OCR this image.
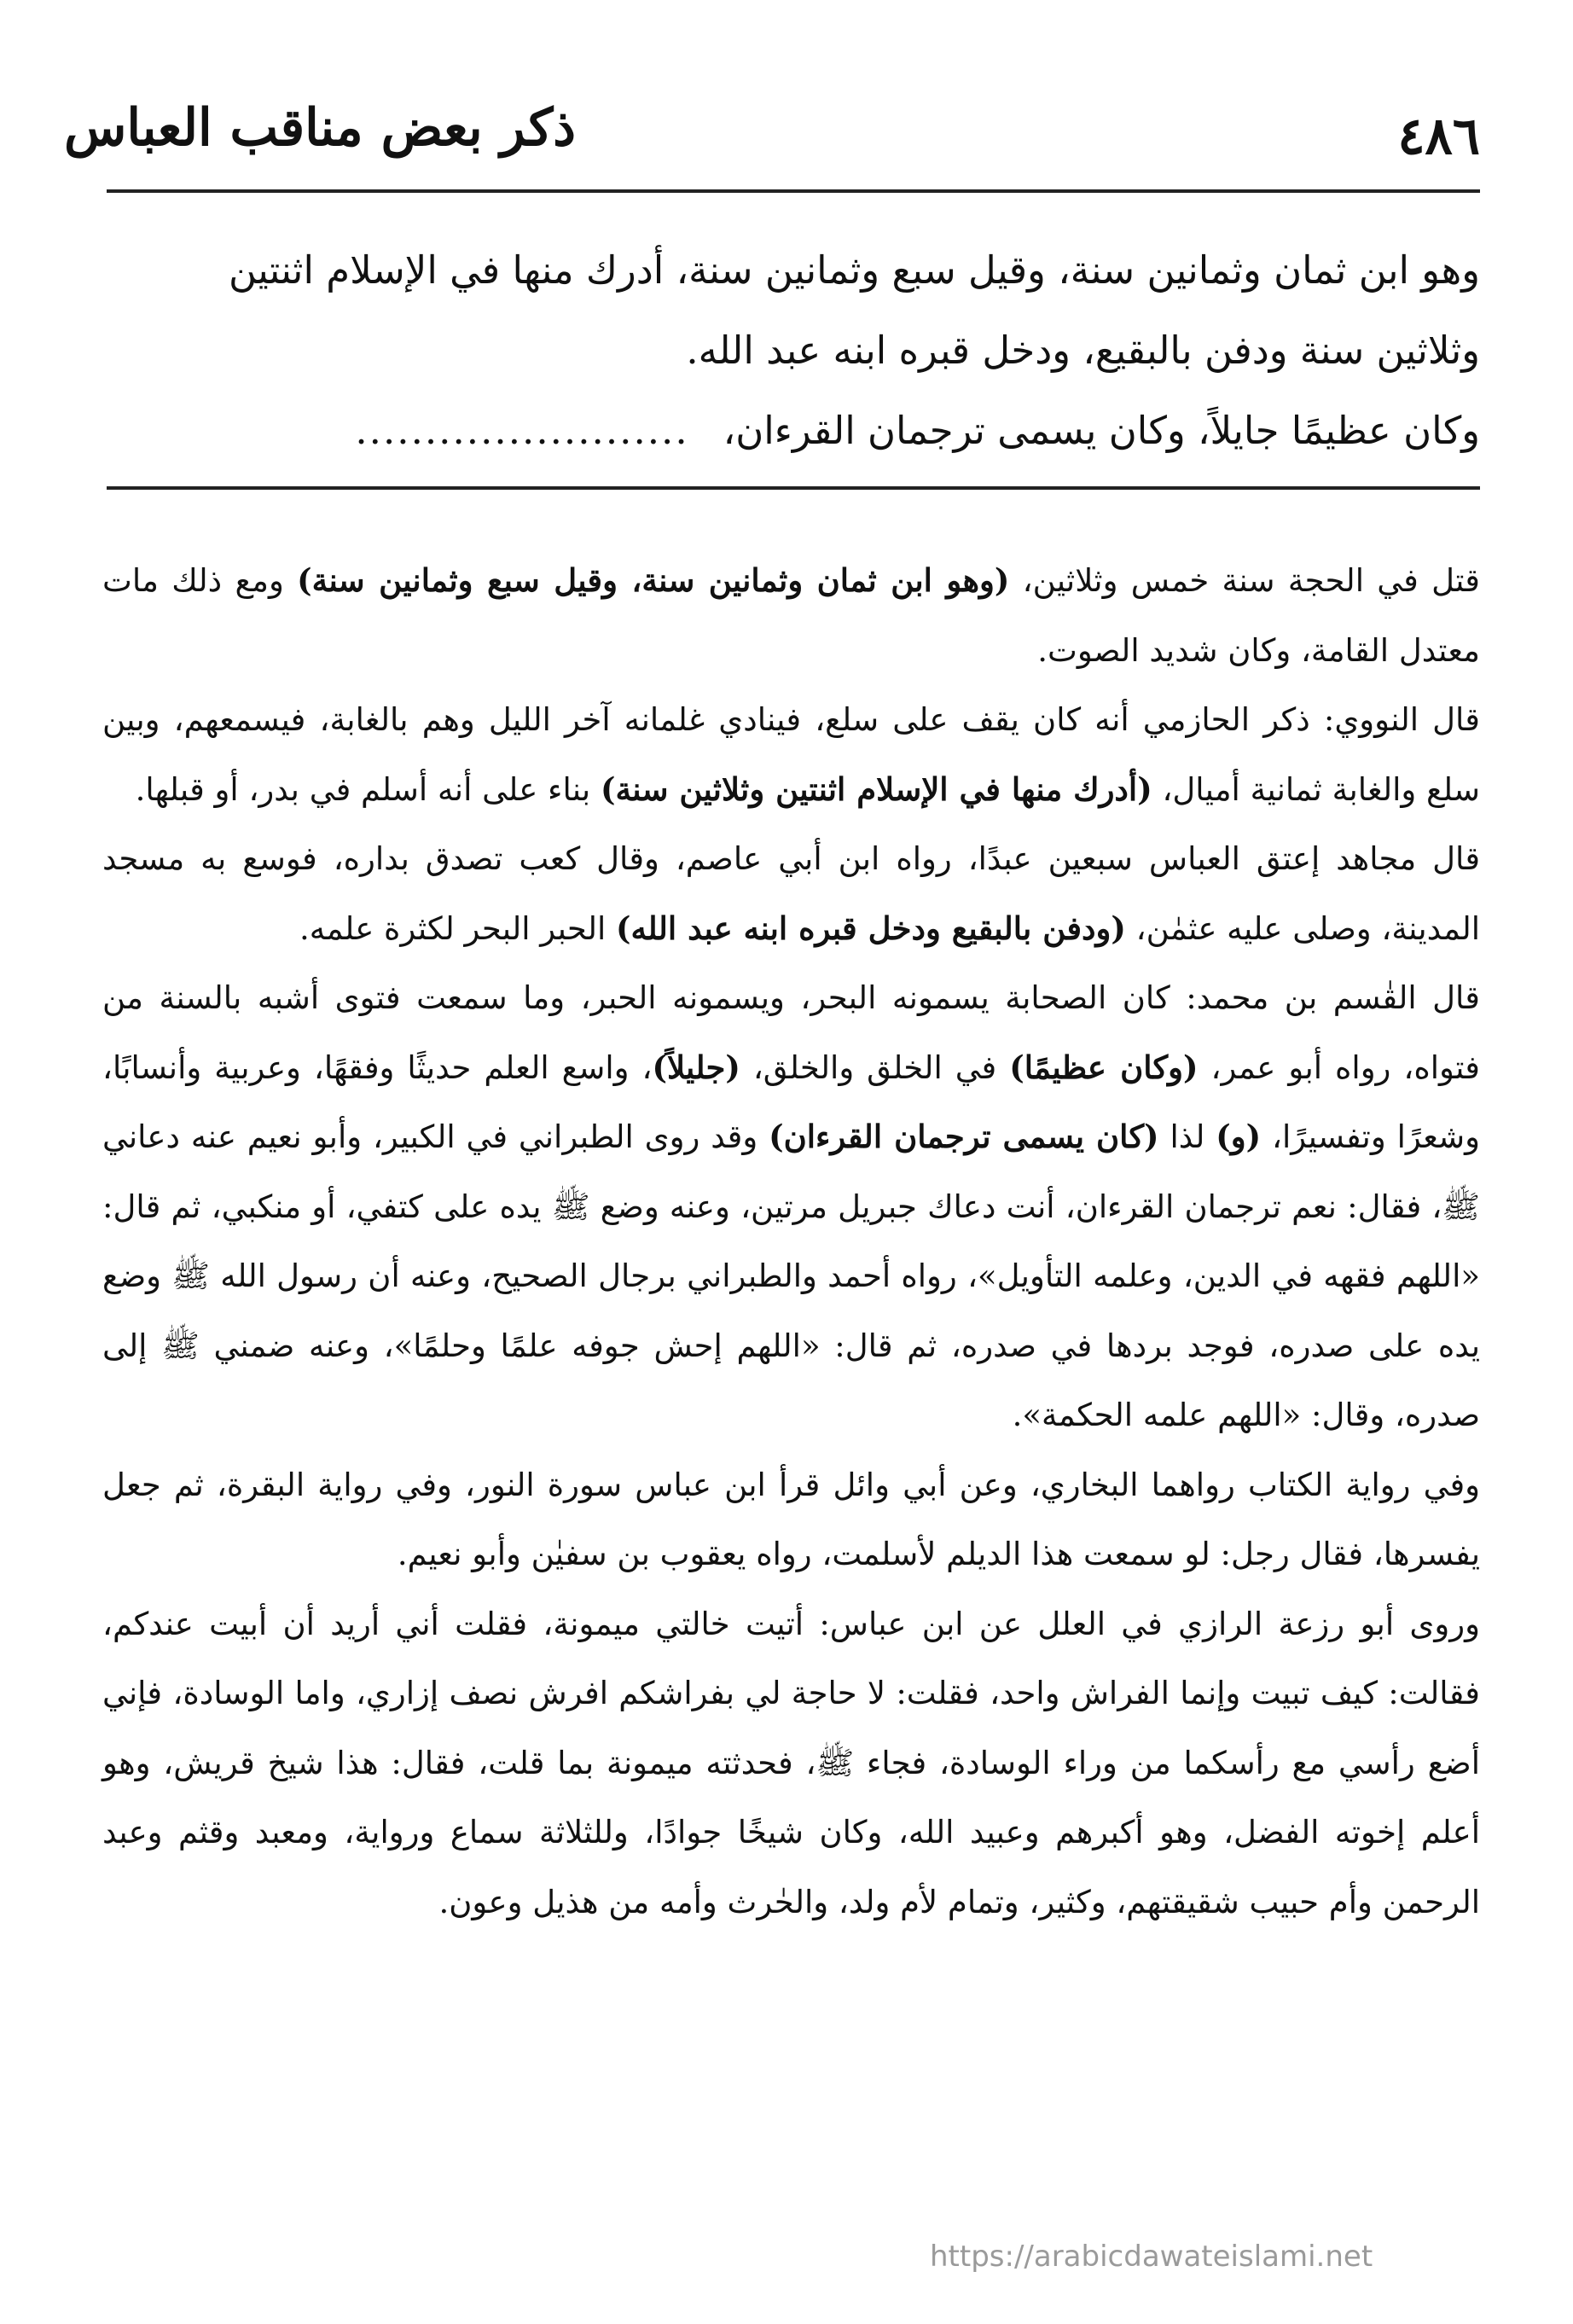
ذكر بعض مناقب العباس	٤٨٦

وهو ابن ثمان وثمانين سنة، وقيل سبع وثمانين سنة، أدرك منها في الإسلام اثنتين

وثلاثين سنة ودفن بالبقيع، ودخل قبره ابنه عبد الله.

وكان عظيمًا جايلاً، وكان يسمى ترجمان القرءان،........................

قتل في الحجة سنة خمس وثلاثين، (وهو ابن ثمان وثمانين سنة، وقيل سبع وثمانين سنة) ومع ذلك مات معتدل القامة، وكان شديد الصوت.

قال النووي: ذكر الحازمي أنه كان يقف على سلع، فينادي غلمانه آخر الليل وهم بالغابة، فيسمعهم، وبين سلع والغابة ثمانية أميال، (أدرك منها في الإسلام اثنتين وثلاثين سنة) بناء على أنه أسلم في بدر، أو قبلها.

قال مجاهد إعتق العباس سبعين عبدًا، رواه ابن أبي عاصم، وقال كعب تصدق بداره، فوسع به مسجد المدينة، وصلى عليه عثمٰن، (ودفن بالبقيع ودخل قبره ابنه عبد الله) الحبر البحر لكثرة علمه.

قال القٰسم بن محمد: كان الصحابة يسمونه البحر، ويسمونه الحبر، وما سمعت فتوى أشبه بالسنة من فتواه، رواه أبو عمر، (وكان عظيمًا) في الخلق والخلق، (جليلاً)، واسع العلم حديثًا وفقهًا، وعربية وأنسابًا، وشعرًا وتفسيرًا، (و) لذا (كان يسمى ترجمان القرءان) وقد روى الطبراني في الكبير، وأبو نعيم عنه دعاني ﷺ، فقال: نعم ترجمان القرءان، أنت دعاك جبريل مرتين، وعنه وضع ﷺ يده على كتفي، أو منكبي، ثم قال: «اللهم فقهه في الدين، وعلمه التأويل»، رواه أحمد والطبراني برجال الصحيح، وعنه أن رسول الله ﷺ وضع يده على صدره، فوجد بردها في صدره، ثم قال: «اللهم إحش جوفه علمًا وحلمًا»، وعنه ضمني ﷺ إلى صدره، وقال: «اللهم علمه الحكمة».

وفي رواية الكتاب رواهما البخاري، وعن أبي وائل قرأ ابن عباس سورة النور، وفي رواية البقرة، ثم جعل يفسرها، فقال رجل: لو سمعت هذا الديلم لأسلمت، رواه يعقوب بن سفيٰن وأبو نعيم.

وروى أبو رزعة الرازي في العلل عن ابن عباس: أتيت خالتي ميمونة، فقلت أني أريد أن أبيت عندكم، فقالت: كيف تبيت وإنما الفراش واحد، فقلت: لا حاجة لي بفراشكم افرش نصف إزاري، واما الوسادة، فإني أضع رأسي مع رأسكما من وراء الوسادة، فجاء ﷺ، فحدثته ميمونة بما قلت، فقال: هذا شيخ قريش، وهو أعلم إخوته الفضل، وهو أكبرهم وعبيد الله، وكان شيخًا جوادًا، وللثلاثة سماع ورواية، ومعبد وقثم وعبد الرحمن وأم حبيب شقيقتهم، وكثير، وتمام لأم ولد، والحٰرث وأمه من هذيل وعون.

https://arabicdawateislami.net
